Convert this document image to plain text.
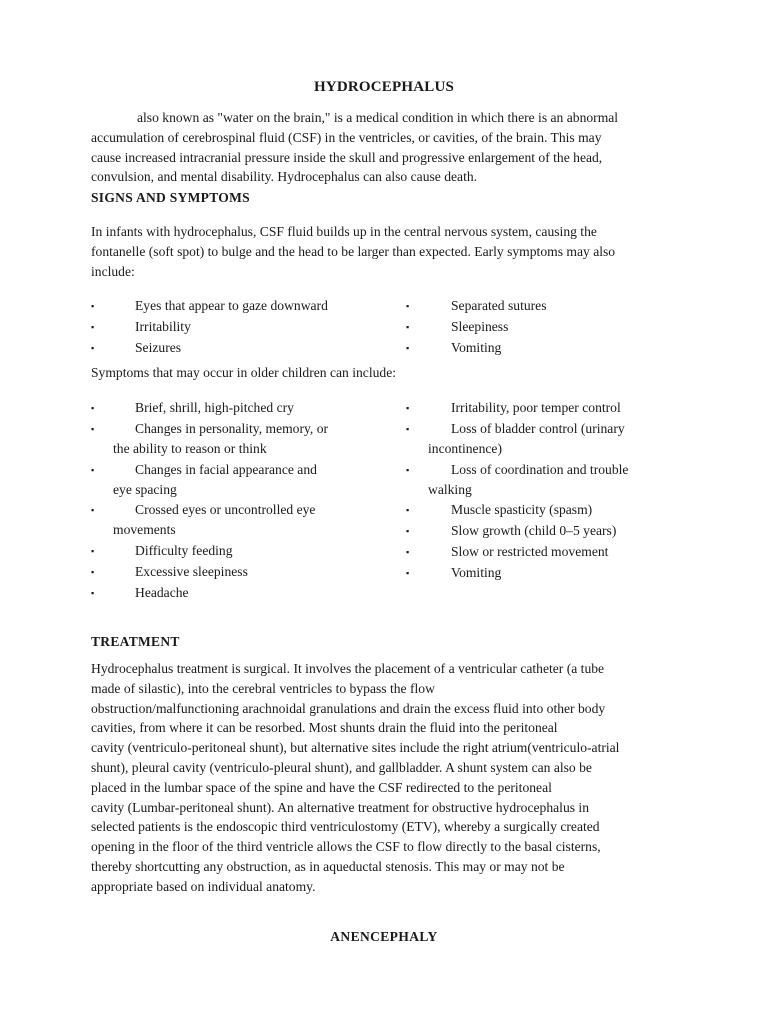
HYDROCEPHALUS

also known as "water on the brain," is a medical condition in which there is an abnormal
accumulation of cerebrospinal fluid (CSF) in the ventricles, or cavities, of the brain. This may
cause increased intracranial pressure inside the skull and progressive enlargement of the head,
convulsion, and mental disability. Hydrocephalus can also cause death.

SIGNS AND SYMPTOMS

In infants with hydrocephalus, CSF fluid builds up in the central nervous system, causing the
fontanelle (soft spot) to bulge and the head to be larger than expected. Early symptoms may also
include:

▪	Eyes that appear to gaze downward
▪	Irritability
▪	Seizures
▪	Separated sutures
▪	Sleepiness
▪	Vomiting
Symptoms that may occur in older children can include:
▪	Brief, shrill, high-pitched cry
▪	Changes in personality, memory, or
the ability to reason or think
▪	Changes in facial appearance and
eye spacing
▪	Crossed eyes or uncontrolled eye
movements
▪	Difficulty feeding
▪	Excessive sleepiness
▪	Headache
▪	Irritability, poor temper control
▪	Loss of bladder control (urinary
incontinence)
▪	Loss of coordination and trouble
walking
▪	Muscle spasticity (spasm)
▪	Slow growth (child 0–5 years)
▪	Slow or restricted movement
▪	Vomiting
TREATMENT

Hydrocephalus treatment is surgical. It involves the placement of a ventricular catheter (a tube
made of silastic), into the cerebral ventricles to bypass the flow
obstruction/malfunctioning arachnoidal granulations and drain the excess fluid into other body
cavities, from where it can be resorbed. Most shunts drain the fluid into the peritoneal
cavity (ventriculo-peritoneal shunt), but alternative sites include the right atrium(ventriculo-atrial
shunt), pleural cavity (ventriculo-pleural shunt), and gallbladder. A shunt system can also be
placed in the lumbar space of the spine and have the CSF redirected to the peritoneal
cavity (Lumbar-peritoneal shunt). An alternative treatment for obstructive hydrocephalus in
selected patients is the endoscopic third ventriculostomy (ETV), whereby a surgically created
opening in the floor of the third ventricle allows the CSF to flow directly to the basal cisterns,
thereby shortcutting any obstruction, as in aqueductal stenosis. This may or may not be
appropriate based on individual anatomy.

ANENCEPHALY
